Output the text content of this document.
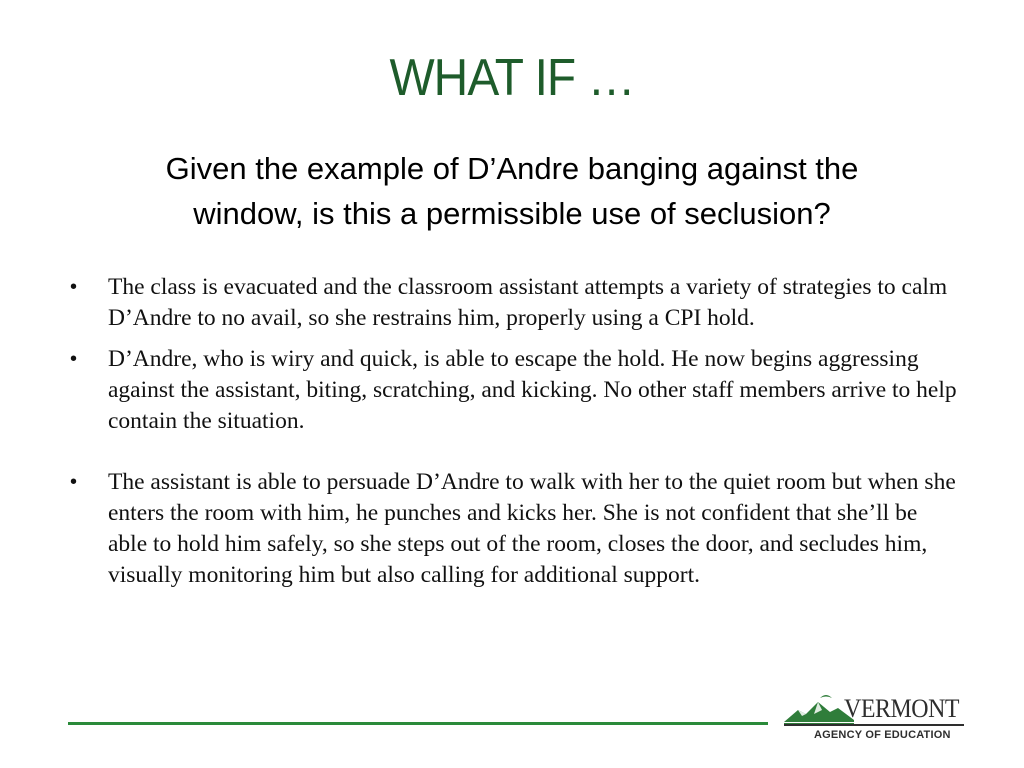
WHAT IF …
Given the example of D’Andre banging against the
window, is this a permissible use of seclusion?
• The class is evacuated and the classroom assistant attempts a variety of strategies to calm D’Andre to no avail, so she restrains him, properly using a CPI hold.
• D’Andre, who is wiry and quick, is able to escape the hold. He now begins aggressing against the assistant, biting, scratching, and kicking. No other staff members arrive to help contain the situation.
• The assistant is able to persuade D’Andre to walk with her to the quiet room but when she enters the room with him, he punches and kicks her. She is not confident that she’ll be able to hold him safely, so she steps out of the room, closes the door, and secludes him, visually monitoring him but also calling for additional support.
VERMONT
AGENCY OF EDUCATION
